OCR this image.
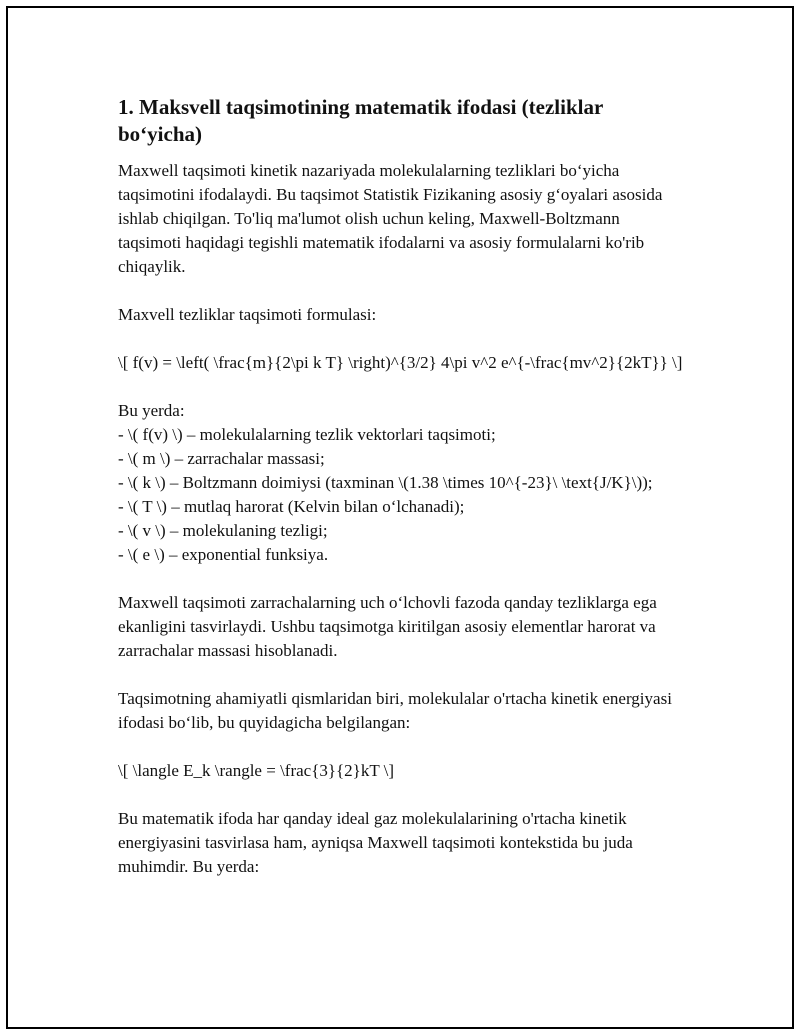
1. Maksvell taqsimotining matematik ifodasi (tezliklar bo‘yicha)

Maxwell taqsimoti kinetik nazariyada molekulalarning tezliklari bo‘yicha taqsimotini ifodalaydi. Bu taqsimot Statistik Fizikaning asosiy g‘oyalari asosida ishlab chiqilgan. To'liq ma'lumot olish uchun keling, Maxwell-Boltzmann taqsimoti haqidagi tegishli matematik ifodalarni va asosiy formulalarni ko'rib chiqaylik.

Maxvell tezliklar taqsimoti formulasi:

\[ f(v) = \left( \frac{m}{2\pi k T} \right)^{3/2} 4\pi v^2 e^{-\frac{mv^2}{2kT}} \]

Bu yerda:
- \( f(v) \) – molekulalarning tezlik vektorlari taqsimoti;
- \( m \) – zarrachalar massasi;
- \( k \) – Boltzmann doimiysi (taxminan \(1.38 \times 10^{-23}\ \text{J/K}\));
- \( T \) – mutlaq harorat (Kelvin bilan o‘lchanadi);
- \( v \) – molekulaning tezligi;
- \( e \) – exponential funksiya.

Maxwell taqsimoti zarrachalarning uch o‘lchovli fazoda qanday tezliklarga ega ekanligini tasvirlaydi. Ushbu taqsimotga kiritilgan asosiy elementlar harorat va zarrachalar massasi hisoblanadi.

Taqsimotning ahamiyatli qismlaridan biri, molekulalar o'rtacha kinetik energiyasi ifodasi bo‘lib, bu quyidagicha belgilangan:

\[ \langle E_k \rangle = \frac{3}{2}kT \]

Bu matematik ifoda har qanday ideal gaz molekulalarining o'rtacha kinetik energiyasini tasvirlasa ham, ayniqsa Maxwell taqsimoti kontekstida bu juda muhimdir. Bu yerda:
